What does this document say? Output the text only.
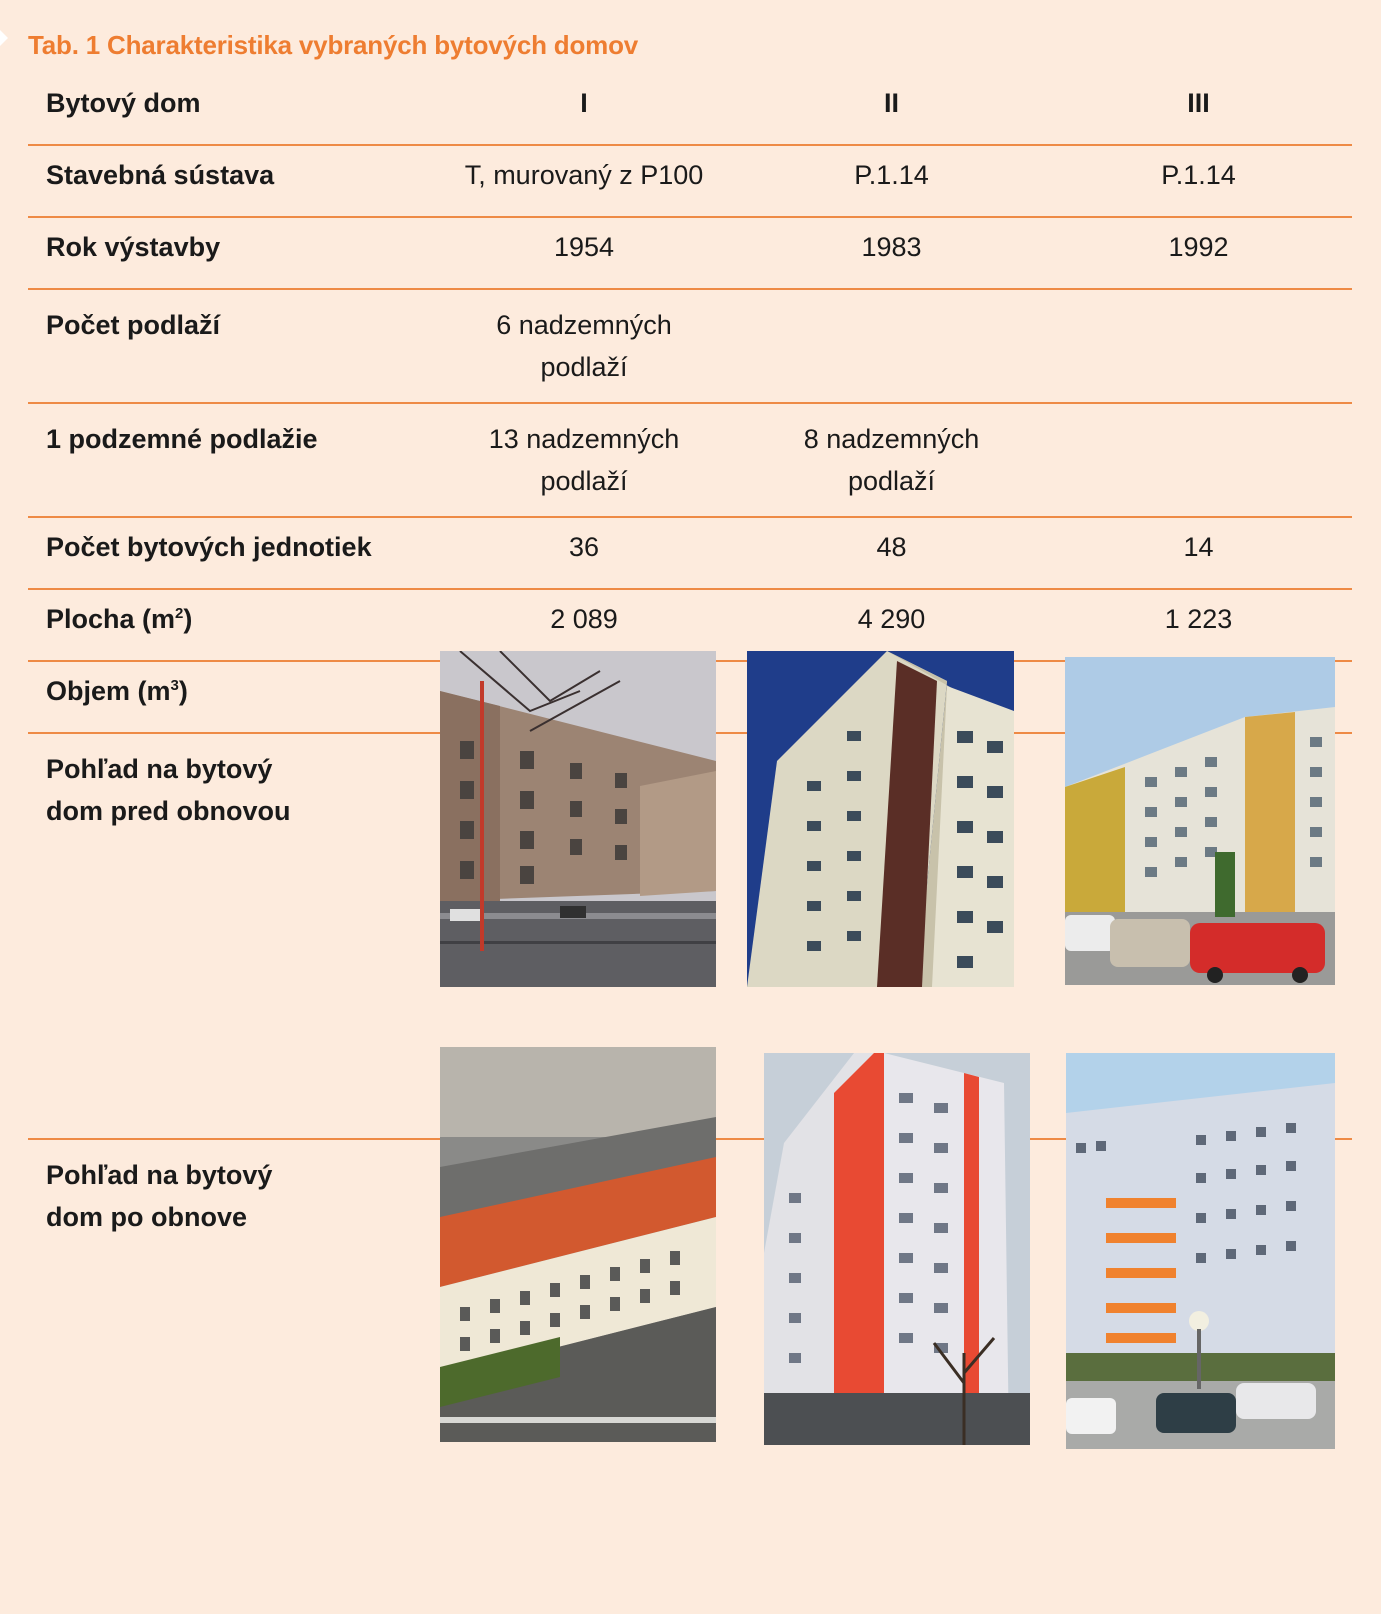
Tab. 1 Charakteristika vybraných bytových domov
Bytový dom	I	II	III
Stavebná sústava	T, murovaný z P100	P.1.14	P.1.14
Rok výstavby	1954	1983	1992
Počet podlaží	6 nadzemných podlaží		

1 podzemné podlažie	13 nadzemných podlaží	8 nadzemných podlaží	

Počet bytových jednotiek	36	48	14
Plocha $(m^2)$	2 089	4 290	1 223
Objem $(m^3)$			

Pohľad na bytový dom pred obnovou			

Pohľad na bytový dom po obnove			
